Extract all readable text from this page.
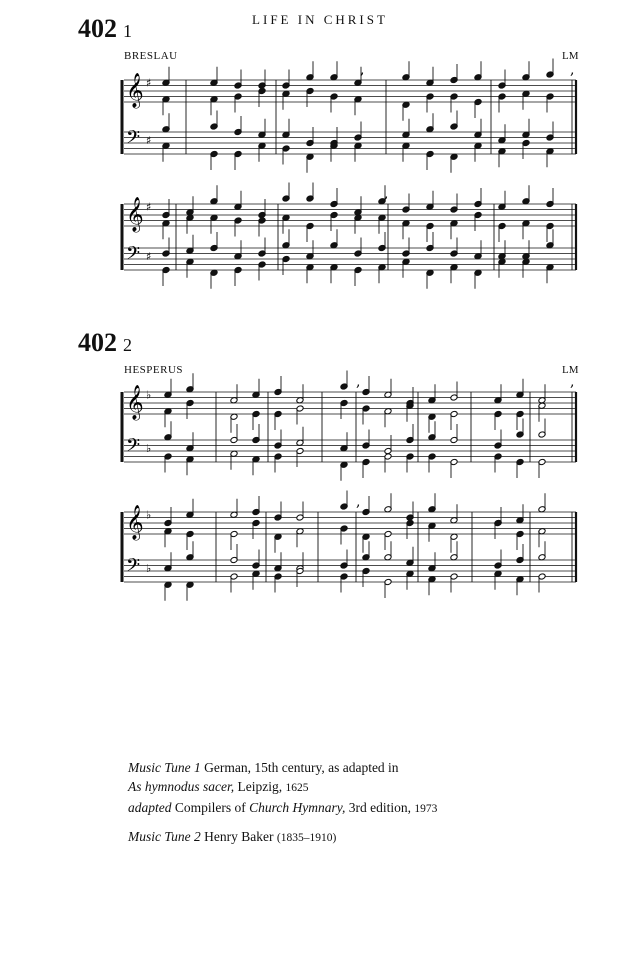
402 1
LIFE IN CHRIST
BRESLAU	LM
402 2
HESPERUS	LM
𝄞 ♯
𝄢 ♯
,	,
𝄞 ♯
𝄢 ♯
,
𝄞 ♭
𝄢 ♭
,	,
𝄞 ♭
𝄢 ♭
,
Music Tune 1 German, 15th century, as adapted in
As hymnodus sacer, Leipzig, 1625
adapted Compilers of Church Hymnary, 3rd edition, 1973
Music Tune 2 Henry Baker (1835–1910)
